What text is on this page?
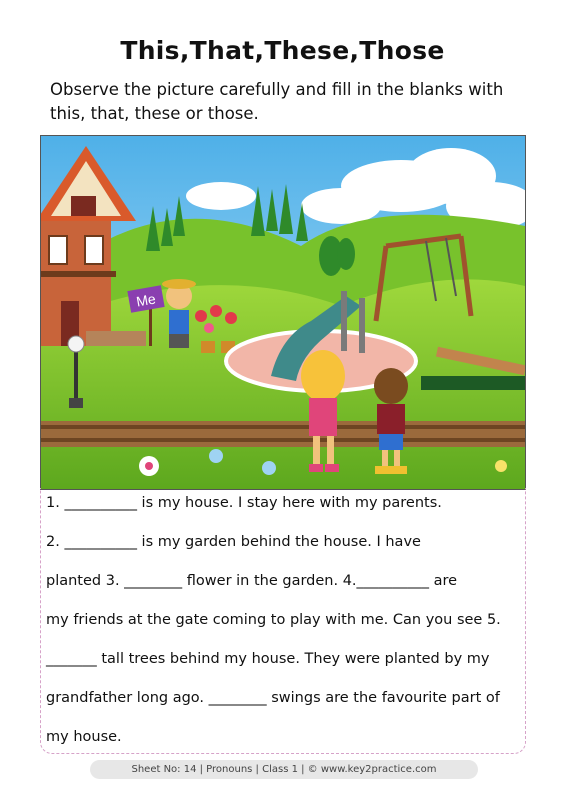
This,That,These,Those
Observe the picture carefully and fill in the blanks with this, that, these or those.
Me
1. __________ is my house. I stay here with my parents.
2. __________ is my garden behind the house. I have
planted 3. ________ flower in the garden. 4.__________ are
my friends at the gate coming to play with me. Can you see 5.
_______ tall trees behind my house. They were planted by my
grandfather long ago. ________ swings are the favourite part of
my house.
Sheet No: 14 | Pronouns | Class 1 | © www.key2practice.com
